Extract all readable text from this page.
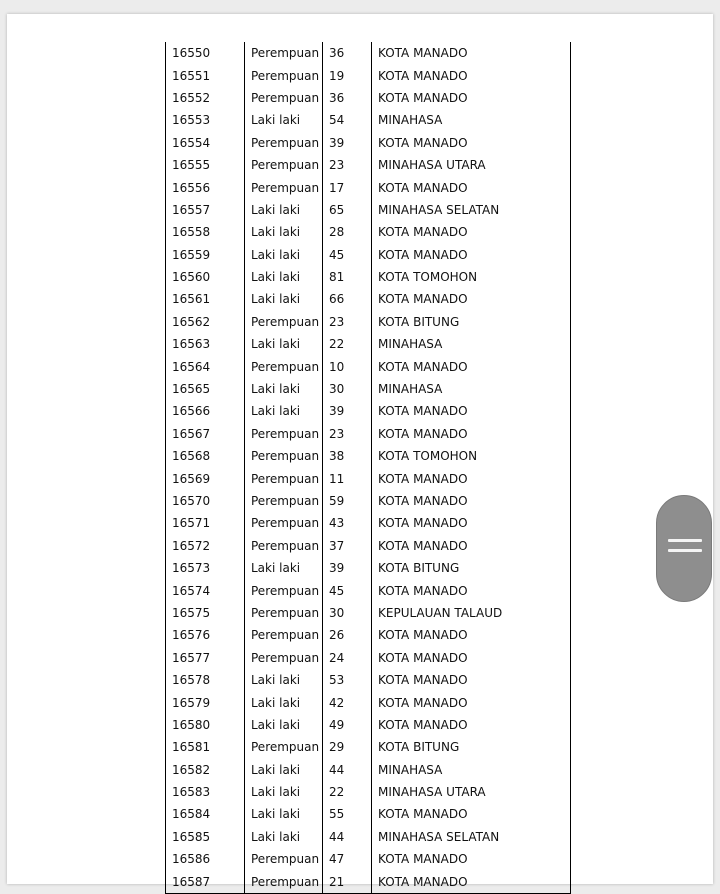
16550	Perempuan	36	KOTA MANADO
16551	Perempuan	19	KOTA MANADO
16552	Perempuan	36	KOTA MANADO
16553	Laki laki	54	MINAHASA
16554	Perempuan	39	KOTA MANADO
16555	Perempuan	23	MINAHASA UTARA
16556	Perempuan	17	KOTA MANADO
16557	Laki laki	65	MINAHASA SELATAN
16558	Laki laki	28	KOTA MANADO
16559	Laki laki	45	KOTA MANADO
16560	Laki laki	81	KOTA TOMOHON
16561	Laki laki	66	KOTA MANADO
16562	Perempuan	23	KOTA BITUNG
16563	Laki laki	22	MINAHASA
16564	Perempuan	10	KOTA MANADO
16565	Laki laki	30	MINAHASA
16566	Laki laki	39	KOTA MANADO
16567	Perempuan	23	KOTA MANADO
16568	Perempuan	38	KOTA TOMOHON
16569	Perempuan	11	KOTA MANADO
16570	Perempuan	59	KOTA MANADO
16571	Perempuan	43	KOTA MANADO
16572	Perempuan	37	KOTA MANADO
16573	Laki laki	39	KOTA BITUNG
16574	Perempuan	45	KOTA MANADO
16575	Perempuan	30	KEPULAUAN TALAUD
16576	Perempuan	26	KOTA MANADO
16577	Perempuan	24	KOTA MANADO
16578	Laki laki	53	KOTA MANADO
16579	Laki laki	42	KOTA MANADO
16580	Laki laki	49	KOTA MANADO
16581	Perempuan	29	KOTA BITUNG
16582	Laki laki	44	MINAHASA
16583	Laki laki	22	MINAHASA UTARA
16584	Laki laki	55	KOTA MANADO
16585	Laki laki	44	MINAHASA SELATAN
16586	Perempuan	47	KOTA MANADO
16587	Perempuan	21	KOTA MANADO
